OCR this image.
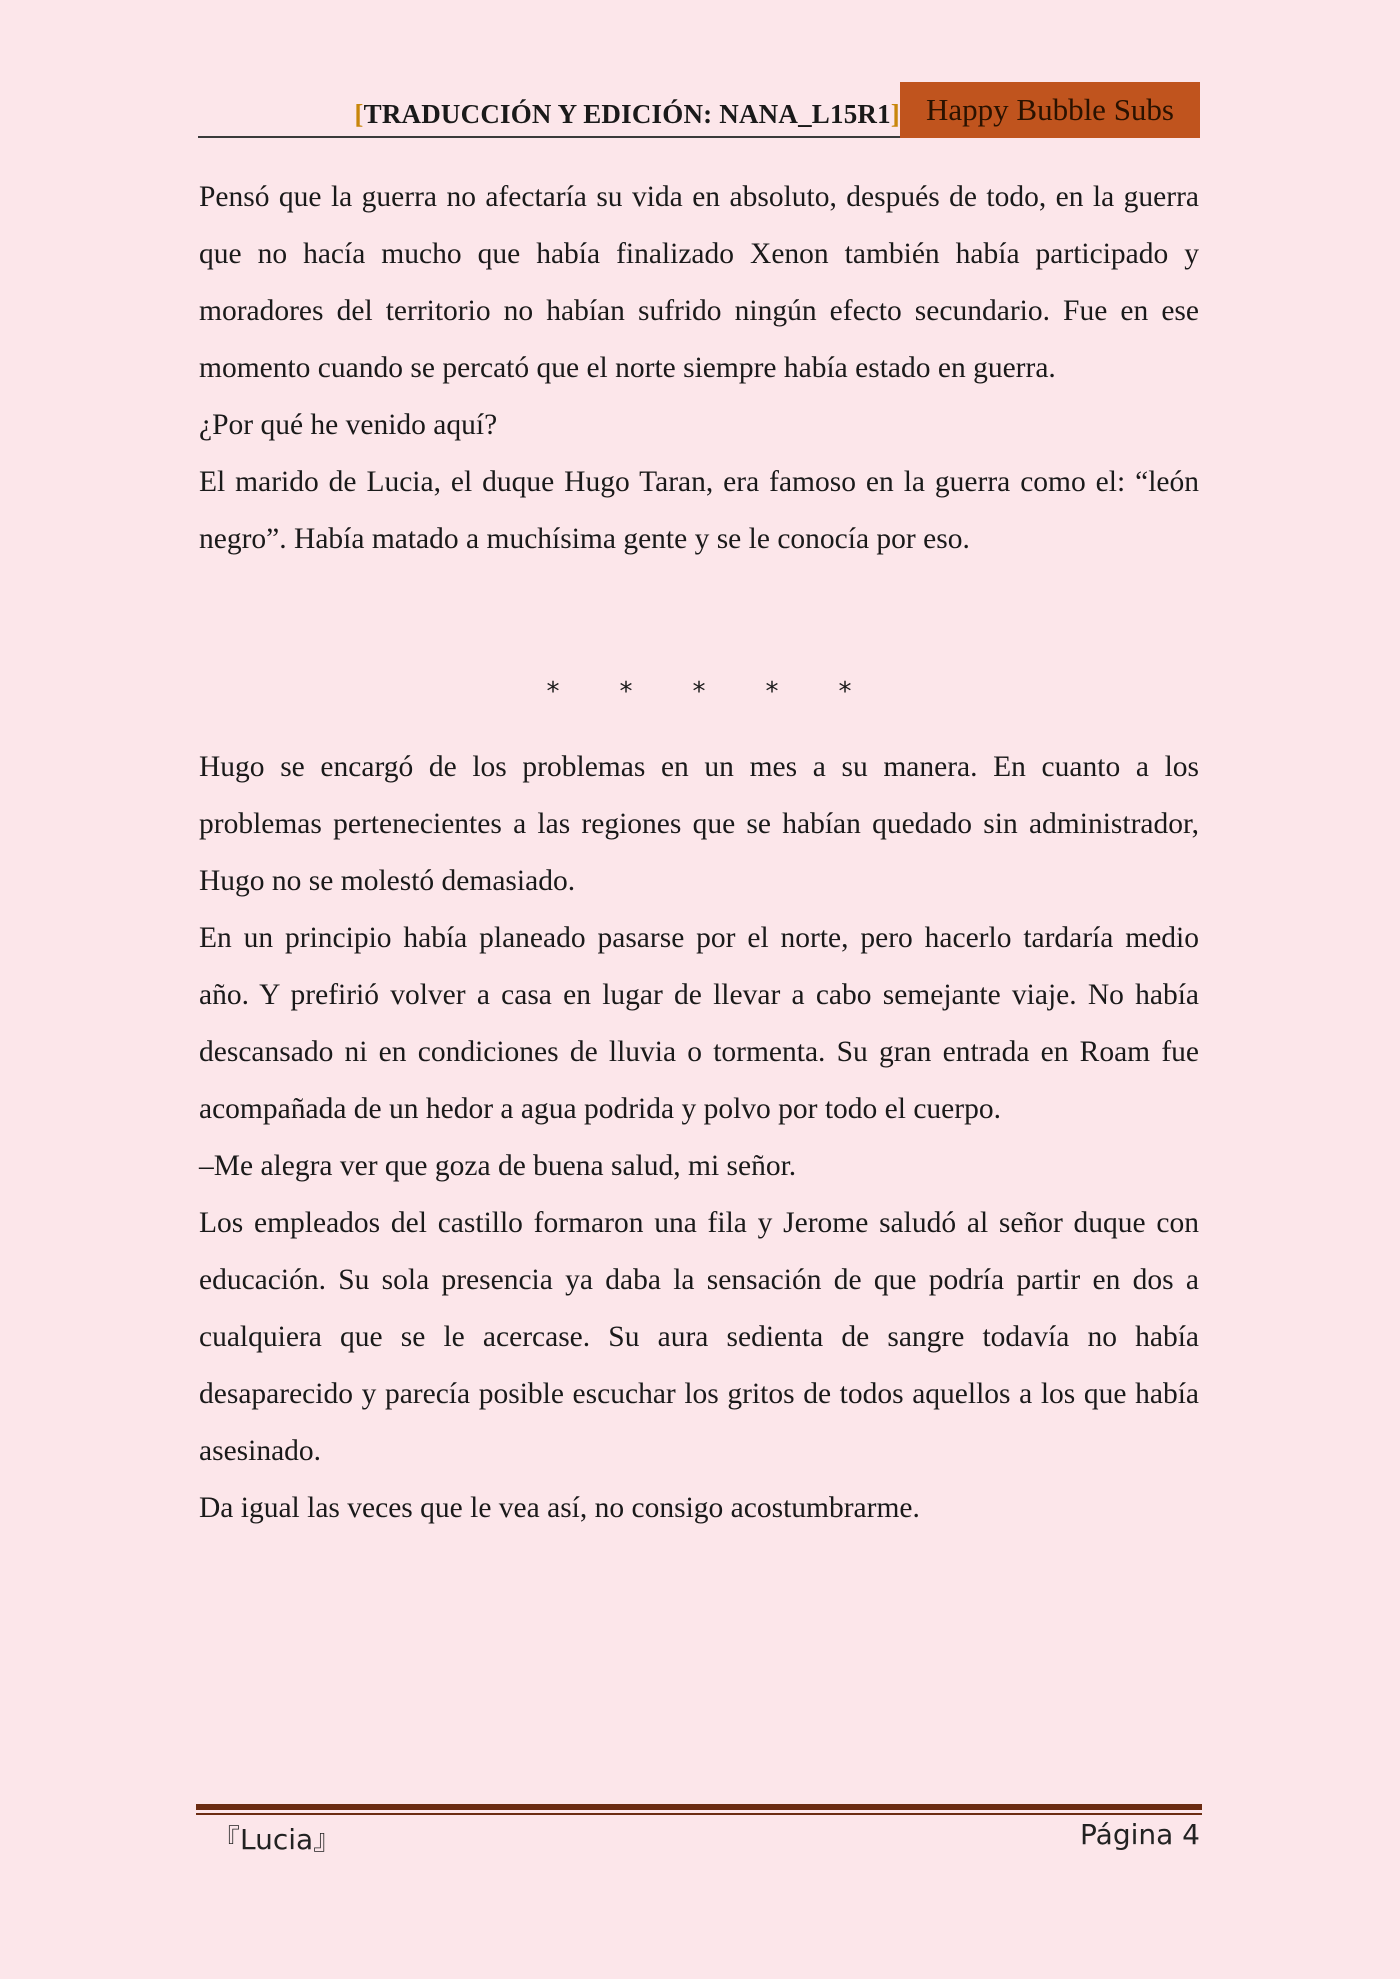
[TRADUCCIÓN Y EDICIÓN: NANA_L15R1] Happy Bubble Subs

Pensó que la guerra no afectaría su vida en absoluto, después de todo, en la guerra que no hacía mucho que había finalizado Xenon también había participado y moradores del territorio no habían sufrido ningún efecto secundario. Fue en ese momento cuando se percató que el norte siempre había estado en guerra.

¿Por qué he venido aquí?

El marido de Lucia, el duque Hugo Taran, era famoso en la guerra como el: “león negro”. Había matado a muchísima gente y se le conocía por eso.

* * * * *

Hugo se encargó de los problemas en un mes a su manera. En cuanto a los problemas pertenecientes a las regiones que se habían quedado sin administrador, Hugo no se molestó demasiado.

En un principio había planeado pasarse por el norte, pero hacerlo tardaría medio año. Y prefirió volver a casa en lugar de llevar a cabo semejante viaje. No había descansado ni en condiciones de lluvia o tormenta. Su gran entrada en Roam fue acompañada de un hedor a agua podrida y polvo por todo el cuerpo.

–Me alegra ver que goza de buena salud, mi señor.

Los empleados del castillo formaron una fila y Jerome saludó al señor duque con educación. Su sola presencia ya daba la sensación de que podría partir en dos a cualquiera que se le acercase. Su aura sedienta de sangre todavía no había desaparecido y parecía posible escuchar los gritos de todos aquellos a los que había asesinado.

Da igual las veces que le vea así, no consigo acostumbrarme.

『Lucia』	Página 4
